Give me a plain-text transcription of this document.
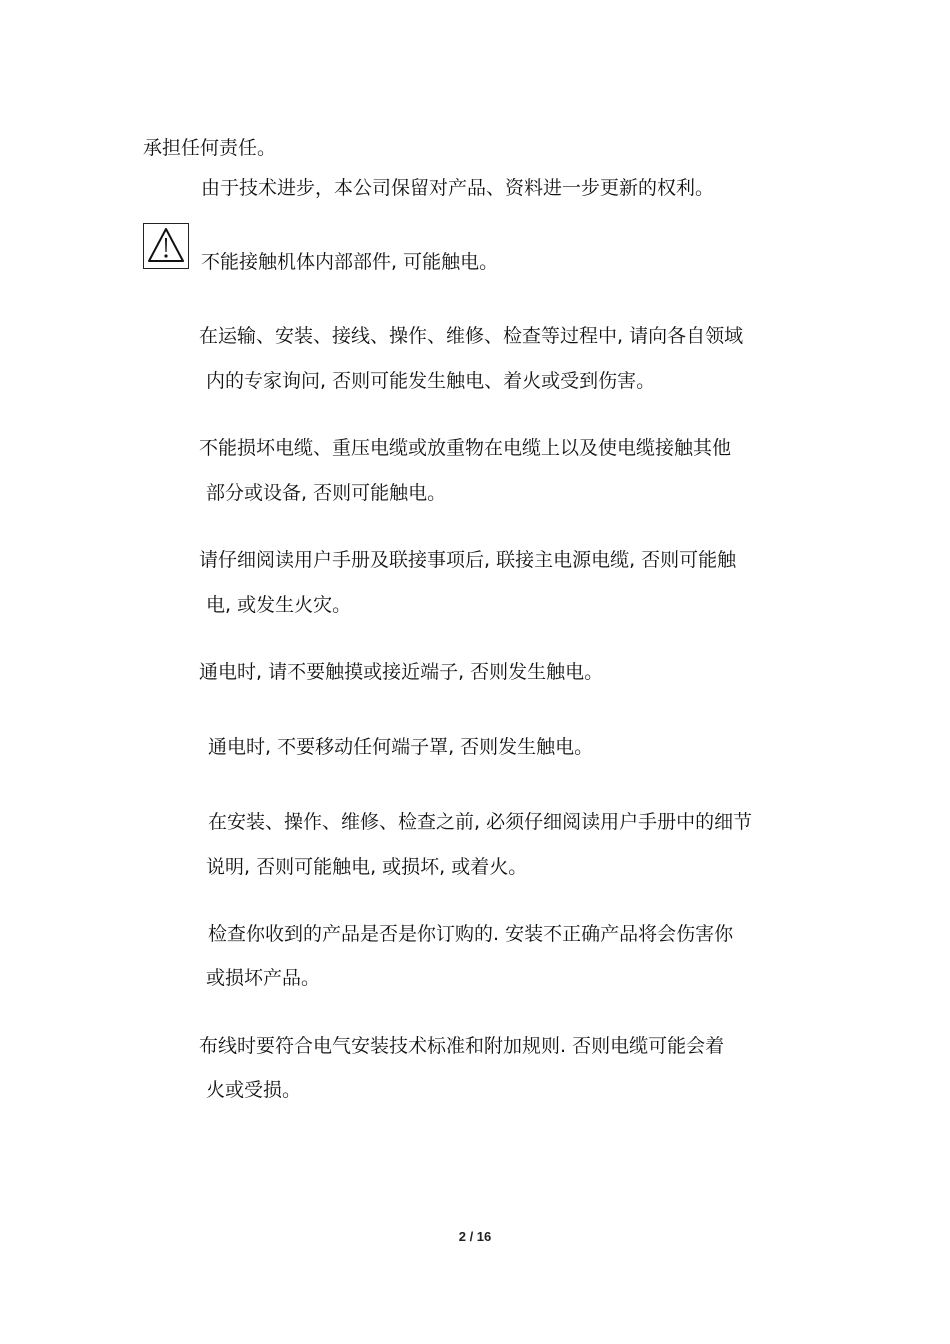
承担任何责任。

由于技术进步，本公司保留对产品、资料进一步更新的权利。

不能接触机体内部部件, 可能触电。

在运输、安装、接线、操作、维修、检查等过程中, 请向各自领域

内的专家询问, 否则可能发生触电、着火或受到伤害。

不能损坏电缆、重压电缆或放重物在电缆上以及使电缆接触其他

部分或设备, 否则可能触电。

请仔细阅读用户手册及联接事项后, 联接主电源电缆, 否则可能触

电, 或发生火灾。

通电时, 请不要触摸或接近端子, 否则发生触电。

通电时, 不要移动任何端子罩, 否则发生触电。

在安装、操作、维修、检查之前, 必须仔细阅读用户手册中的细节

说明, 否则可能触电, 或损坏, 或着火。

检查你收到的产品是否是你订购的. 安装不正确产品将会伤害你

或损坏产品。

布线时要符合电气安装技术标准和附加规则. 否则电缆可能会着

火或受损。

2 / 16
